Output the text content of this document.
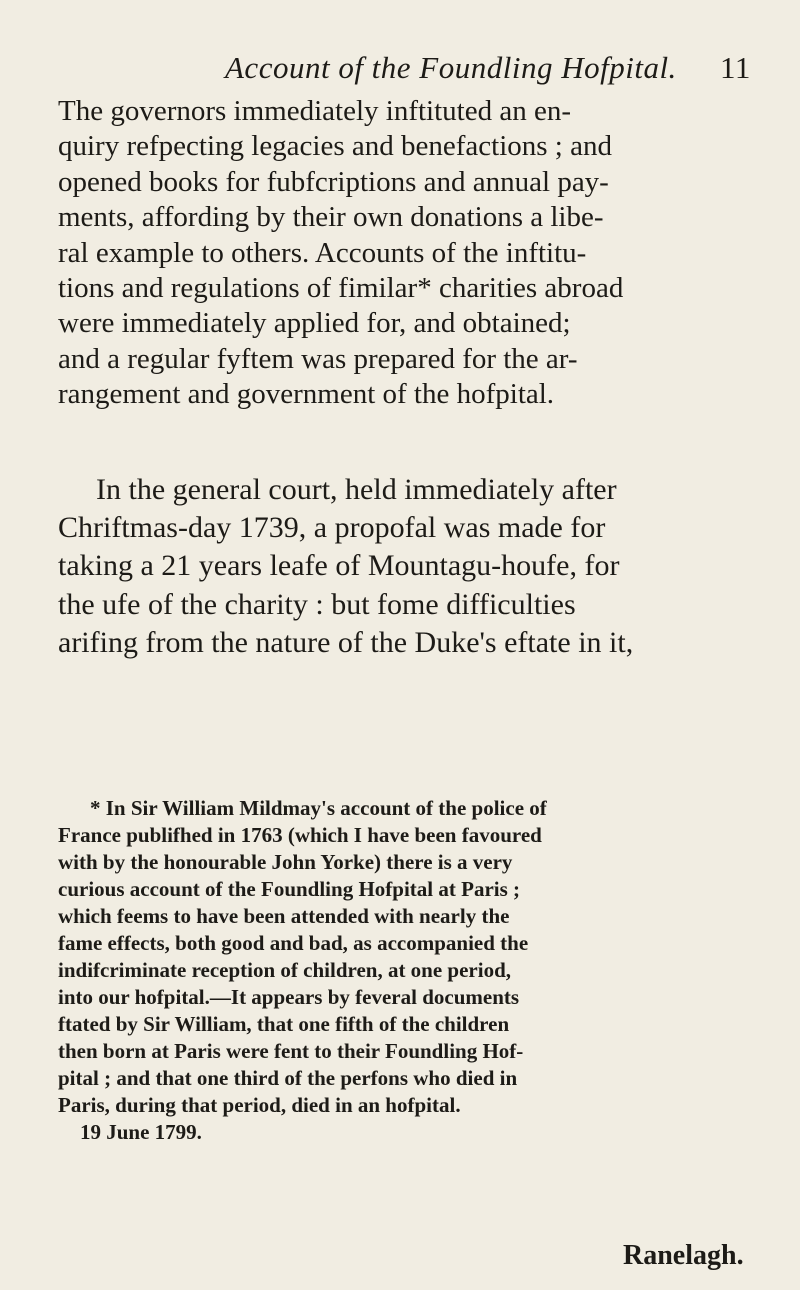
Account of the Foundling Hofpital. 11

The governors immediately inftituted an en-
quiry refpecting legacies and benefactions ; and
opened books for fubfcriptions and annual pay-
ments, affording by their own donations a libe-
ral example to others. Accounts of the inftitu-
tions and regulations of fimilar* charities abroad
were immediately applied for, and obtained;
and a regular fyftem was prepared for the ar-
rangement and government of the hofpital.

In the general court, held immediately after
Chriftmas-day 1739, a propofal was made for
taking a 21 years leafe of Mountagu-houfe, for
the ufe of the charity : but fome difficulties
arifing from the nature of the Duke's eftate in it,

* In Sir William Mildmay's account of the police of
France publifhed in 1763 (which I have been favoured
with by the honourable John Yorke) there is a very
curious account of the Foundling Hofpital at Paris ;
which feems to have been attended with nearly the
fame effects, both good and bad, as accompanied the
indifcriminate reception of children, at one period,
into our hofpital.—It appears by feveral documents
ftated by Sir William, that one fifth of the children
then born at Paris were fent to their Foundling Hof-
pital ; and that one third of the perfons who died in
Paris, during that period, died in an hofpital.
19 June 1799.
Ranelagh.
